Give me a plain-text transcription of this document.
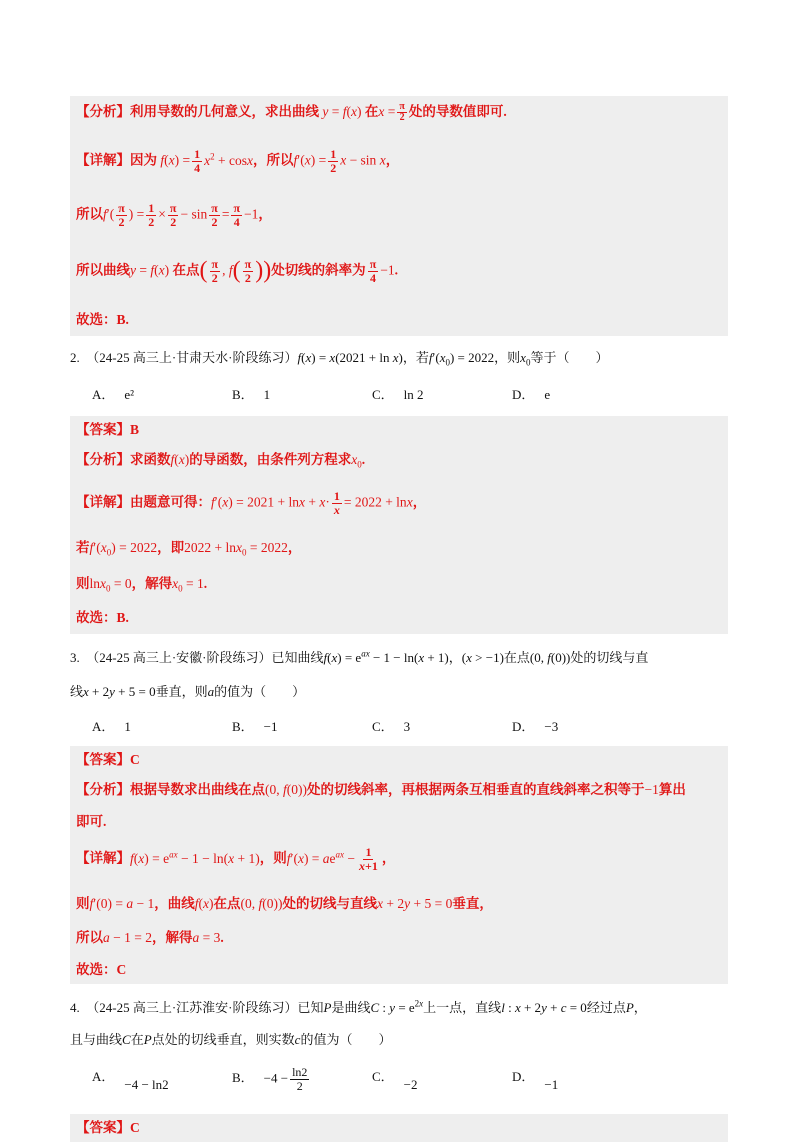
【分析】利用导数的几何意义，求出曲线 y = f(x) 在$x = \frac{\pi}{2}$ 处的导数值即可.
【详解】因为 $f(x) = \frac{1}{4} x^2 + \cos x$，所以$f'(x) = \frac{1}{2}$ x − sin x，
所以$f'( \frac{\pi}{2}$ ) = $\frac{1}{2} \times \frac{\pi}{2} - \sin \frac{\pi}{2} = \frac{\pi}{4} -1$，
所以曲线y = f(x) 在点( $\frac{\pi}{2}$ , $f( \frac{\pi}{2}$ ))处切线的斜率为 $\frac{\pi}{4} -1$.
故选：B.
2. （24-25 高三上·甘肃天水·阶段练习）f(x) = x(2021 + ln x)，若$f'(x_0) = 2022$，则$x_0$等于（　　）
A． e²	B． 1	C． ln 2	D． e
【答案】B
【分析】求函数f(x)的导函数，由条件列方程求$x_0$.
【详解】由题意可得：$f'(x) = 2021 + \ln x + x\cdot \frac{1}{x} = 2022 + \ln x$，
若$f'(x_0) = 2022$，即2022 + lnx$_0$ = 2022，
则lnx$_0$ = 0，解得$x_0 = 1$.
故选：B.
3. （24-25 高三上·安徽·阶段练习）已知曲线$f(x) = e^{ax} - 1 - \ln(x + 1)$，(x > −1)在点(0, f(0))处的切线与直
线x + 2y + 5 = 0垂直，则a的值为（　　）
A． 1	B． −1	C． 3	D． −3
【答案】C
【分析】根据导数求出曲线在点(0, f(0))处的切线斜率，再根据两条互相垂直的直线斜率之积等于−1算出
即可.
【详解】$f(x) = e^{ax} - 1 - \ln(x + 1)$，则$f'(x) = ae^{ax} - \frac{1}{x+1}$ ，
则f′(0) = a − 1，曲线f(x)在点(0, f(0))处的切线与直线x + 2y + 5 = 0垂直，
所以a − 1 = 2，解得a = 3.
故选：C
4. （24-25 高三上·江苏淮安·阶段练习）已知P是曲线C : $y = e^{2x}$上一点，直线l : x + 2y + c = 0经过点P，
且与曲线C在P点处的切线垂直，则实数c的值为（　　）
A．−4 − ln2	B． $-4 - \frac{\ln 2}{2}$	C．−2
D．−1
【答案】C
